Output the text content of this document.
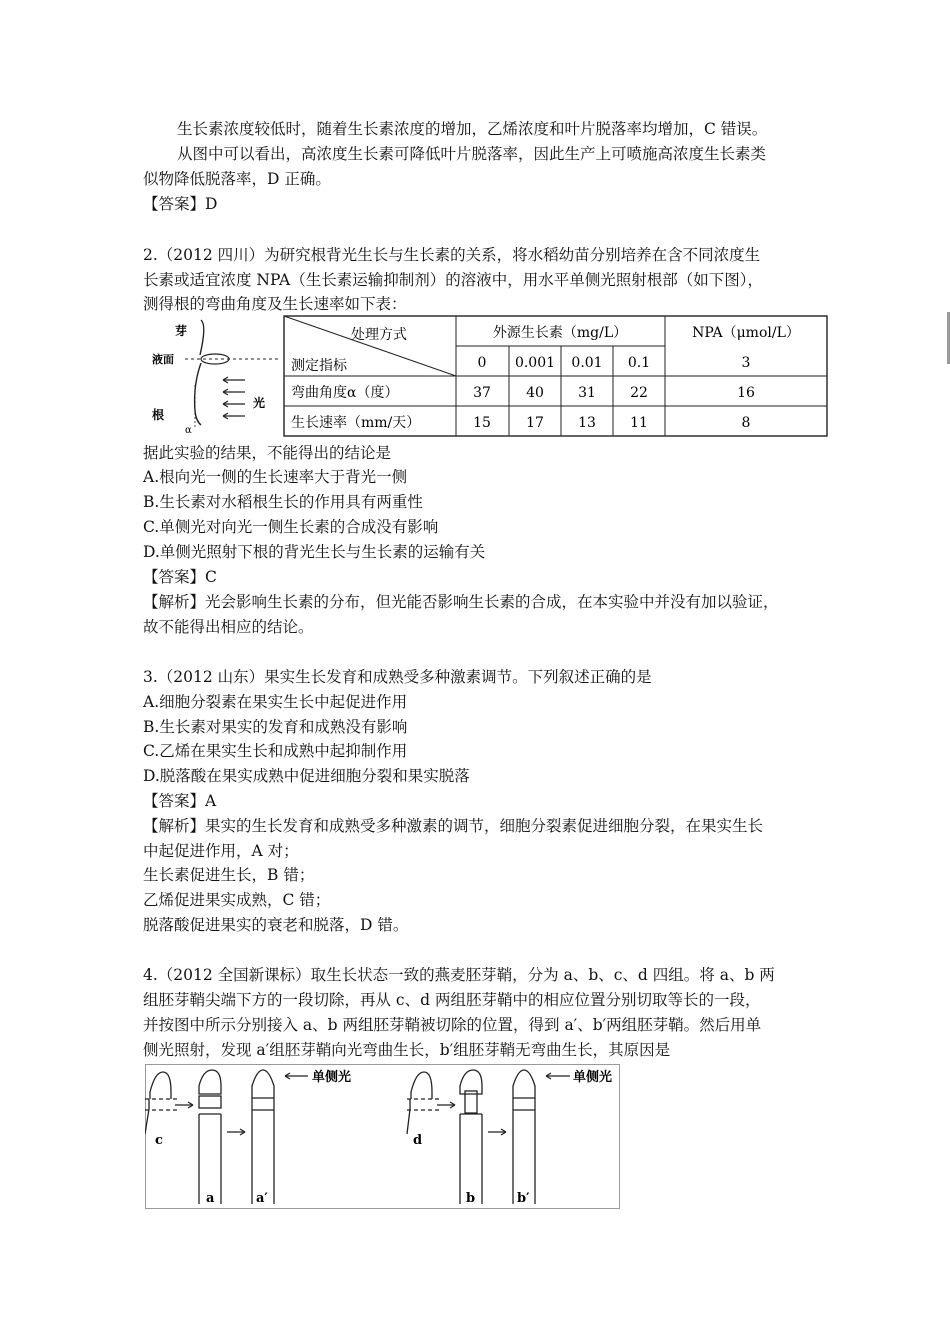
生长素浓度较低时，随着生长素浓度的增加，乙烯浓度和叶片脱落率均增加，C 错误。
从图中可以看出，高浓度生长素可降低叶片脱落率，因此生产上可喷施高浓度生长素类
似物降低脱落率，D 正确。
【答案】D
2.（2012 四川）为研究根背光生长与生长素的关系，将水稻幼苗分别培养在含不同浓度生
长素或适宜浓度 NPA（生长素运输抑制剂）的溶液中，用水平单侧光照射根部（如下图），
测得根的弯曲角度及生长速率如下表：
芽
液面
根
光
α
处理方式
测定指标
外源生长素（mg/L）	NPA（μmol/L）
0 0.001 0.01 0.1	3
弯曲角度α（度）	37	40 31 22	16
生长速率（mm/天）	15	17 13 11	8
据此实验的结果，不能得出的结论是
A.根向光一侧的生长速率大于背光一侧
B.生长素对水稻根生长的作用具有两重性
C.单侧光对向光一侧生长素的合成没有影响
D.单侧光照射下根的背光生长与生长素的运输有关
【答案】C
【解析】光会影响生长素的分布，但光能否影响生长素的合成，在本实验中并没有加以验证，
故不能得出相应的结论。
3.（2012 山东）果实生长发育和成熟受多种激素调节。下列叙述正确的是
A.细胞分裂素在果实生长中起促进作用
B.生长素对果实的发育和成熟没有影响
C.乙烯在果实生长和成熟中起抑制作用
D.脱落酸在果实成熟中促进细胞分裂和果实脱落
【答案】A
【解析】果实的生长发育和成熟受多种激素的调节，细胞分裂素促进细胞分裂，在果实生长
中起促进作用，A 对；
生长素促进生长，B 错；
乙烯促进果实成熟，C 错；
脱落酸促进果实的衰老和脱落，D 错。
4.（2012 全国新课标）取生长状态一致的燕麦胚芽鞘，分为 a、b、c、d 四组。将 a、b 两
组胚芽鞘尖端下方的一段切除，再从 c、d 两组胚芽鞘中的相应位置分别切取等长的一段，
并按图中所示分别接入 a、b 两组胚芽鞘被切除的位置，得到 a′、b′两组胚芽鞘。然后用单
侧光照射，发现 a′组胚芽鞘向光弯曲生长，b′组胚芽鞘无弯曲生长，其原因是
单侧光
c
a	a′
单侧光
d
b	b′
